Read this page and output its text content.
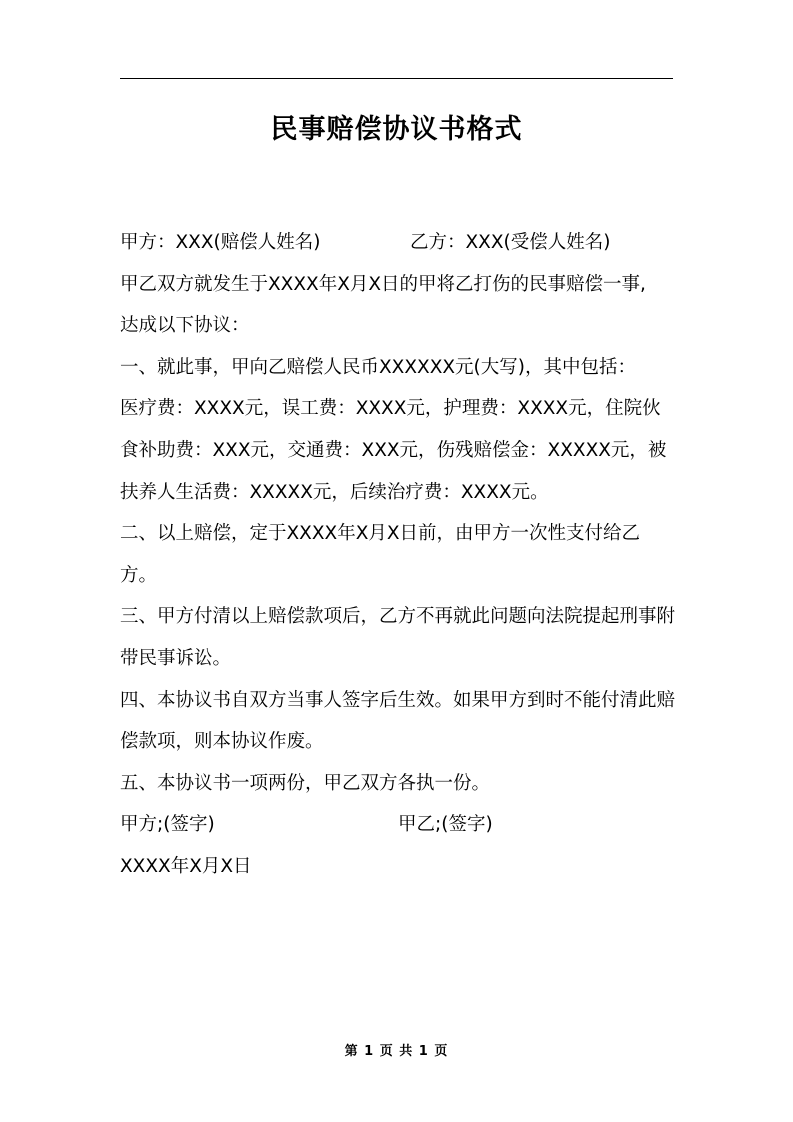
民事赔偿协议书格式
甲方：XXX(赔偿人姓名)	乙方：XXX(受偿人姓名)
甲乙双方就发生于XXXX年X月X日的甲将乙打伤的民事赔偿一事,
达成以下协议：
一、就此事，甲向乙赔偿人民币XXXXXX元(大写)，其中包括：
医疗费：XXXX元，误工费：XXXX元，护理费：XXXX元，住院伙
食补助费：XXX元，交通费：XXX元，伤残赔偿金：XXXXX元，被
扶养人生活费：XXXXX元，后续治疗费：XXXX元。
二、以上赔偿，定于XXXX年X月X日前，由甲方一次性支付给乙
方。
三、甲方付清以上赔偿款项后，乙方不再就此问题向法院提起刑事附
带民事诉讼。
四、本协议书自双方当事人签字后生效。如果甲方到时不能付清此赔
偿款项，则本协议作废。
五、本协议书一项两份，甲乙双方各执一份。
甲方;(签字)	甲乙;(签字)
XXXX年X月X日
第 1 页 共 1 页
